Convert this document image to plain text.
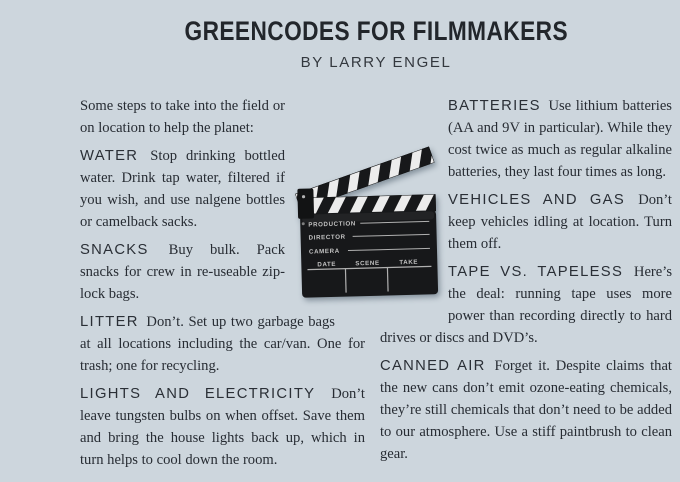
GREENCODES FOR FILMMAKERS
BY LARRY ENGEL

Some steps to take into the field or on location to help the planet:

WATER Stop drinking bottled water. Drink tap water, filtered if you wish, and use nalgene bottles or camelback sacks.

SNACKS Buy bulk. Pack snacks for crew in re-useable zip-lock bags.

LITTER Don’t. Set up two garbage bags at all locations including the car/van. One for trash; one for recycling.

LIGHTS AND ELECTRICITY Don’t leave tungsten bulbs on when offset. Save them and bring the house lights back up, which in turn helps to cool down the room.

BATTERIES Use lithium batteries (AA and 9V in particular). While they cost twice as much as regular alkaline batteries, they last four times as long.

VEHICLES AND GAS Don’t keep vehicles idling at location. Turn them off.

TAPE VS. TAPELESS Here’s the deal: running tape uses more power than recording directly to hard drives or discs and DVD’s.

CANNED AIR Forget it. Despite claims that the new cans don’t emit ozone-eating chemicals, they’re still chemicals that don’t need to be added to our atmosphere. Use a stiff paintbrush to clean gear.

PRODUCTION
DIRECTOR
CAMERA
DATE	SCENE	TAKE
